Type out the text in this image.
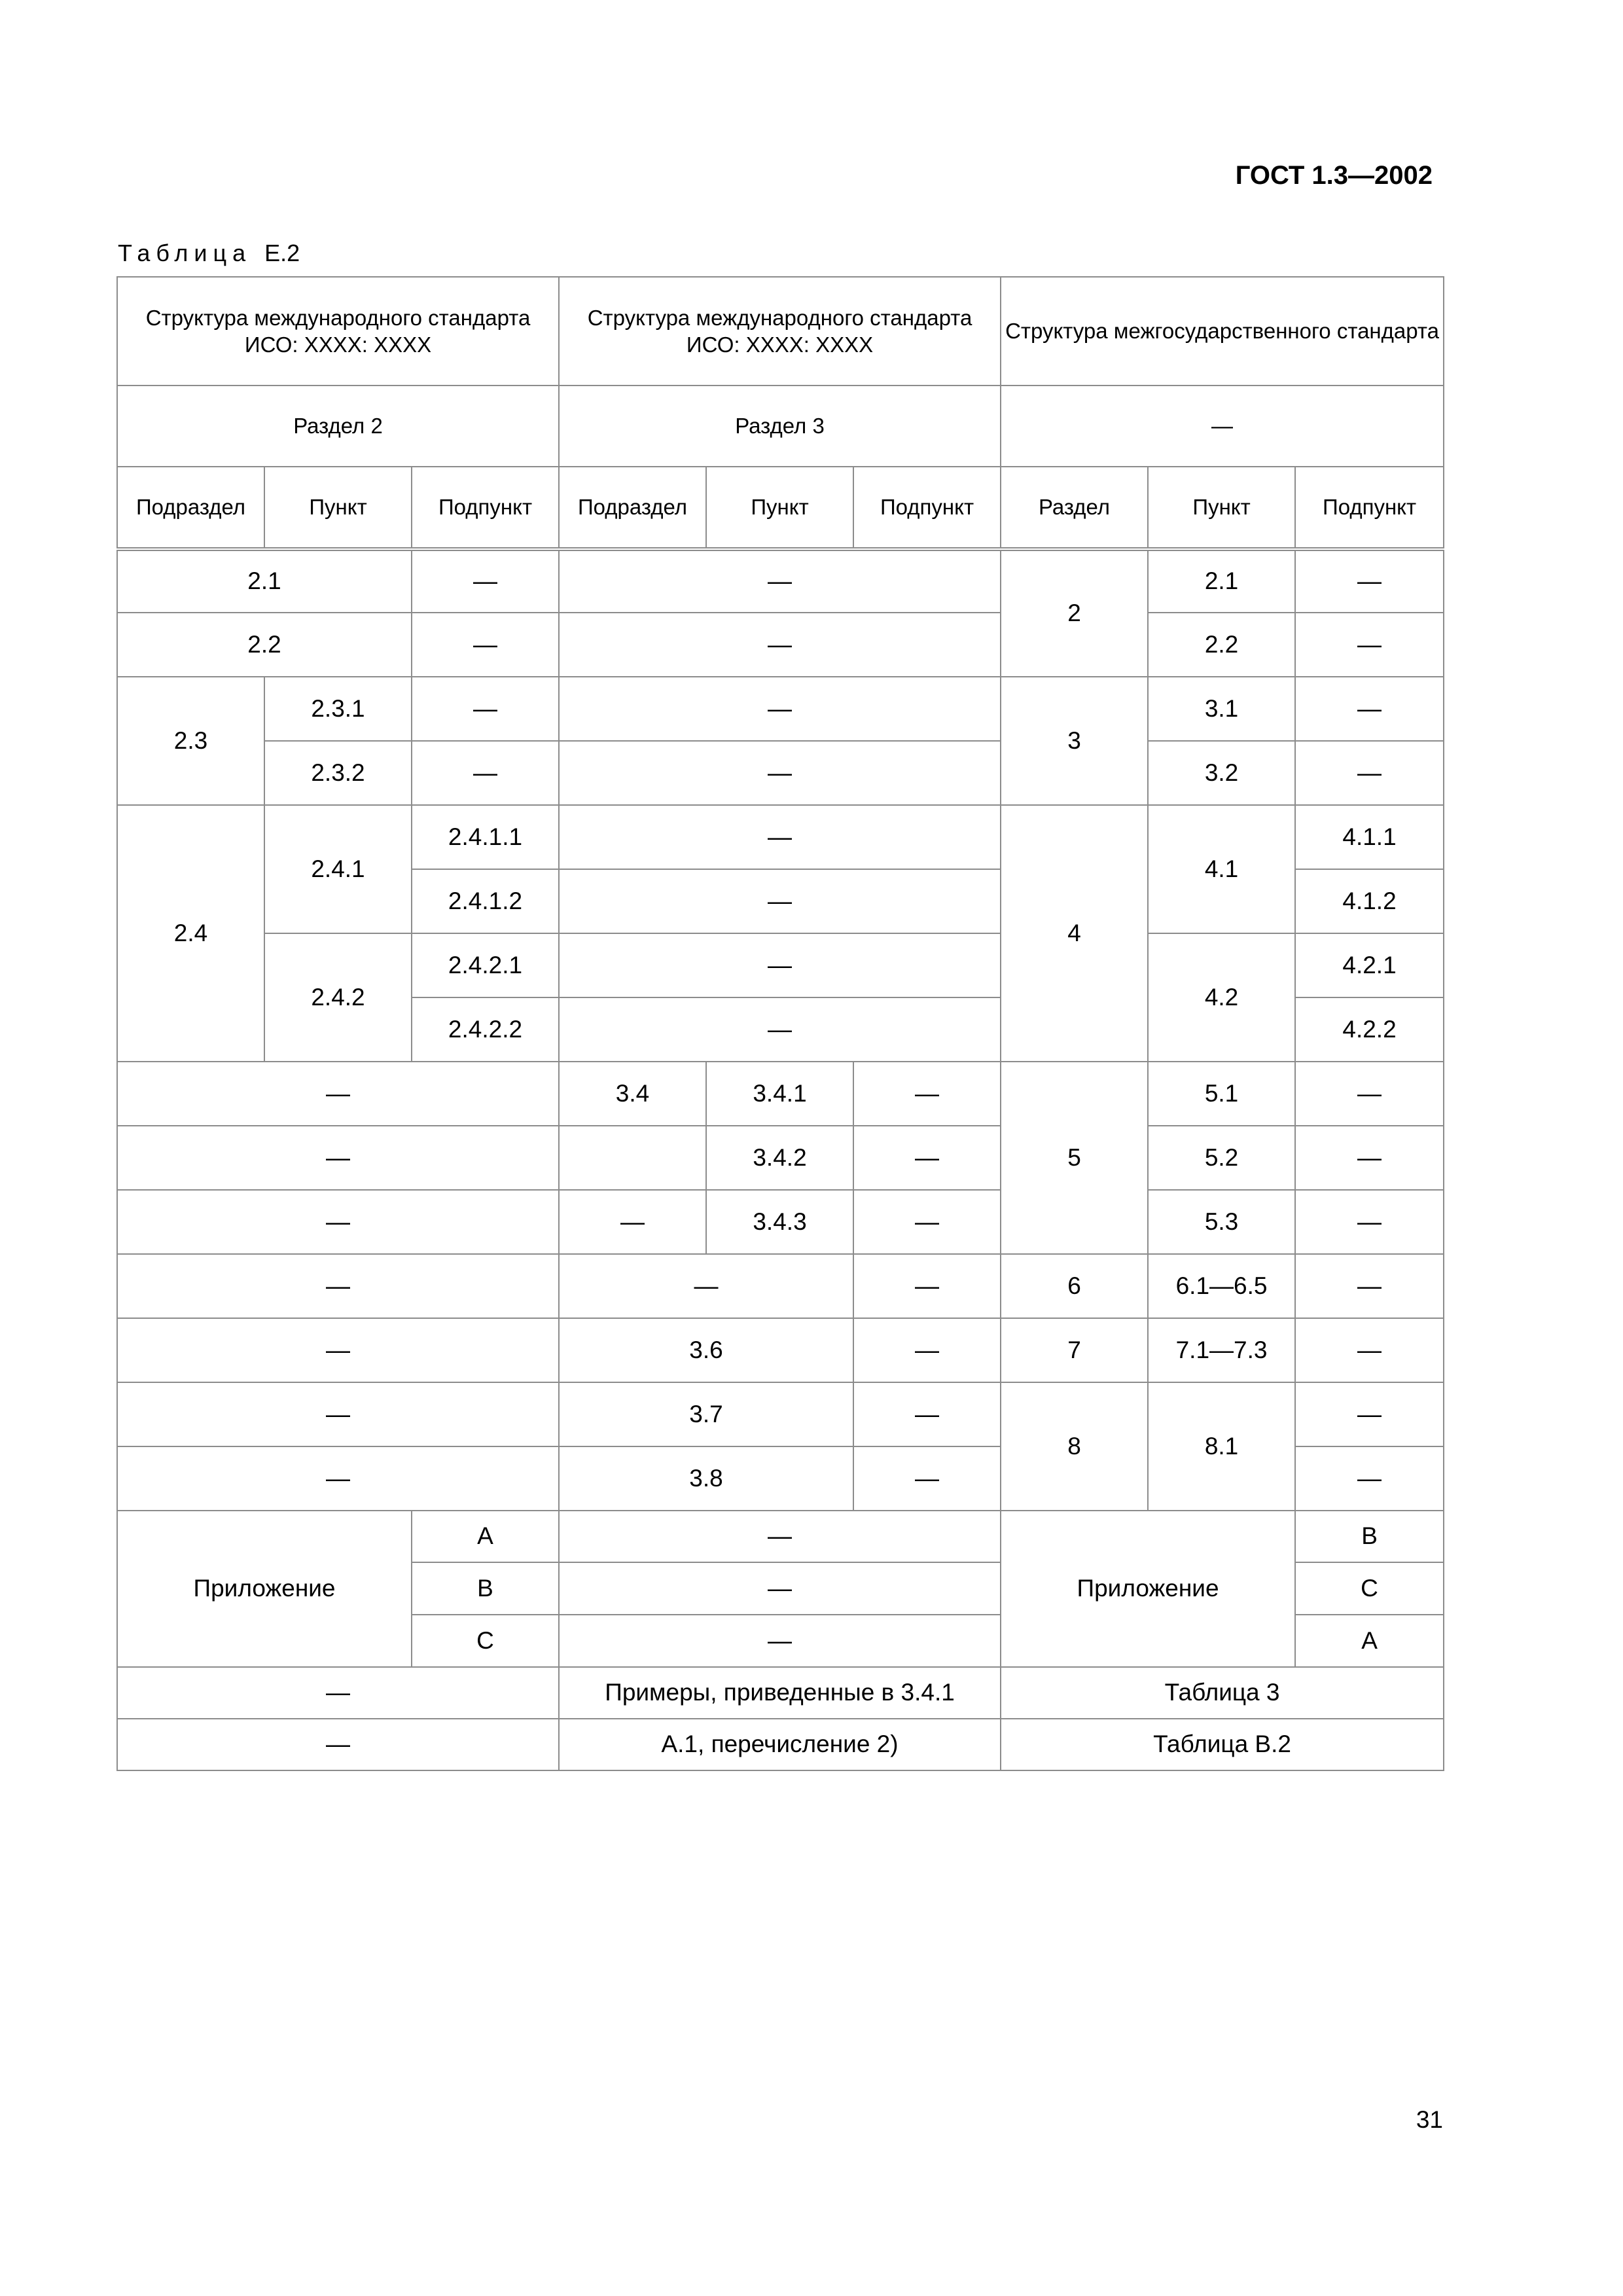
ГОСТ 1.3—2002
Таблица Е.2
Структура международного стандарта ИСО: XXXX: XXXX			Структура международного стандарта ИСО: XXXX: XXXX			Структура межгосударственного стандарта		
Раздел 2			Раздел 3			—		
Подраздел	Пункт	Подпункт	Подраздел	Пункт	Подпункт	Раздел	Пункт	Подпункт
2.1		—	—			2	2.1	—
2.2		—	—				2.2	—
2.3	2.3.1	—	—			3	3.1	—
	2.3.2	—	—				3.2	—
2.4	2.4.1	2.4.1.1	—			4	4.1	4.1.1
		2.4.1.2	—					4.1.2
	2.4.2	2.4.2.1	—				4.2	4.2.1
		2.4.2.2	—					4.2.2
—			3.4	3.4.1	—	5	5.1	—
—				3.4.2	—		5.2	—
—			—	3.4.3	—		5.3	—
—			—		—	6	6.1—6.5	—
—			3.6		—	7	7.1—7.3	—
—			3.7		—	8	8.1	—
—			3.8		—			—
Приложение		А	—			Приложение		В
		В	—					С
		С	—					А
—			Примеры, приведенные в 3.4.1			Таблица 3		
—			А.1, перечисление 2)			Таблица В.2		
31
